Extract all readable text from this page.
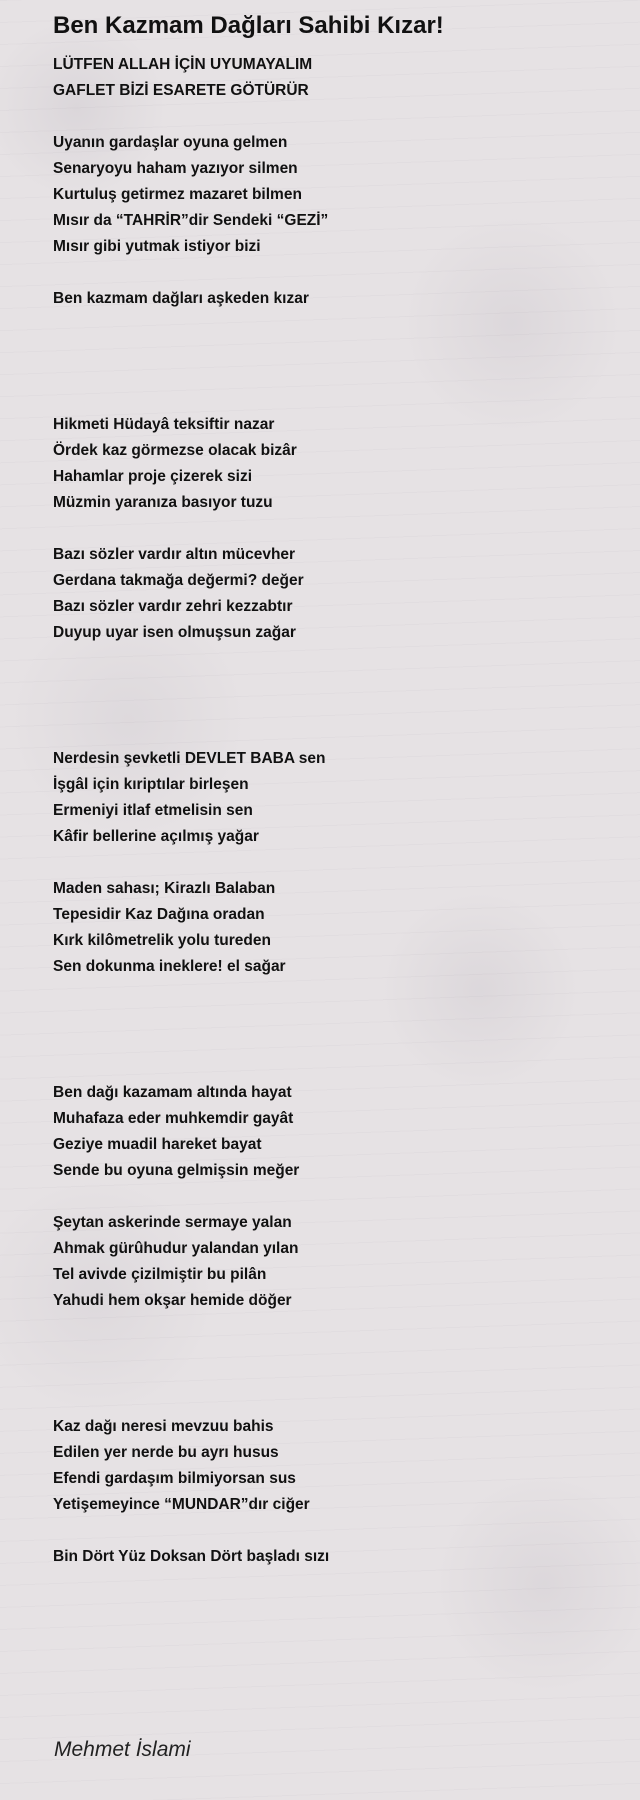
Ben Kazmam Dağları Sahibi Kızar!
LÜTFEN ALLAH İÇİN UYUMAYALIM
GAFLET BİZİ ESARETE GÖTÜRÜR
Uyanın gardaşlar oyuna gelmen
Senaryoyu haham yazıyor silmen
Kurtuluş getirmez mazaret bilmen
Mısır da “TAHRİR”dir Sendeki “GEZİ”
Mısır gibi yutmak istiyor bizi
Ben kazmam dağları aşkeden kızar
Hikmeti Hüdayâ teksiftir nazar
Ördek kaz görmezse olacak bizâr
Hahamlar proje çizerek sizi
Müzmin yaranıza basıyor tuzu
Bazı sözler vardır altın mücevher
Gerdana takmağa değermi? değer
Bazı sözler vardır zehri kezzabtır
Duyup uyar isen olmuşsun zağar
Nerdesin şevketli DEVLET BABA sen
İşgâl için kıriptılar birleşen
Ermeniyi itlaf etmelisin sen
Kâfir bellerine açılmış yağar
Maden sahası; Kirazlı Balaban
Tepesidir Kaz Dağına oradan
Kırk kilômetrelik yolu tureden
Sen dokunma ineklere! el sağar
Ben dağı kazamam altında hayat
Muhafaza eder muhkemdir gayât
Geziye muadil hareket bayat
Sende bu oyuna gelmişsin meğer
Şeytan askerinde sermaye yalan
Ahmak gürûhudur yalandan yılan
Tel avivde çizilmiştir bu pilân
Yahudi hem okşar hemide döğer
Kaz dağı neresi mevzuu bahis
Edilen yer nerde bu ayrı husus
Efendi gardaşım bilmiyorsan sus
Yetişemeyince “MUNDAR”dır ciğer
Bin Dört Yüz Doksan Dört başladı sızı
Mehmet İslami
